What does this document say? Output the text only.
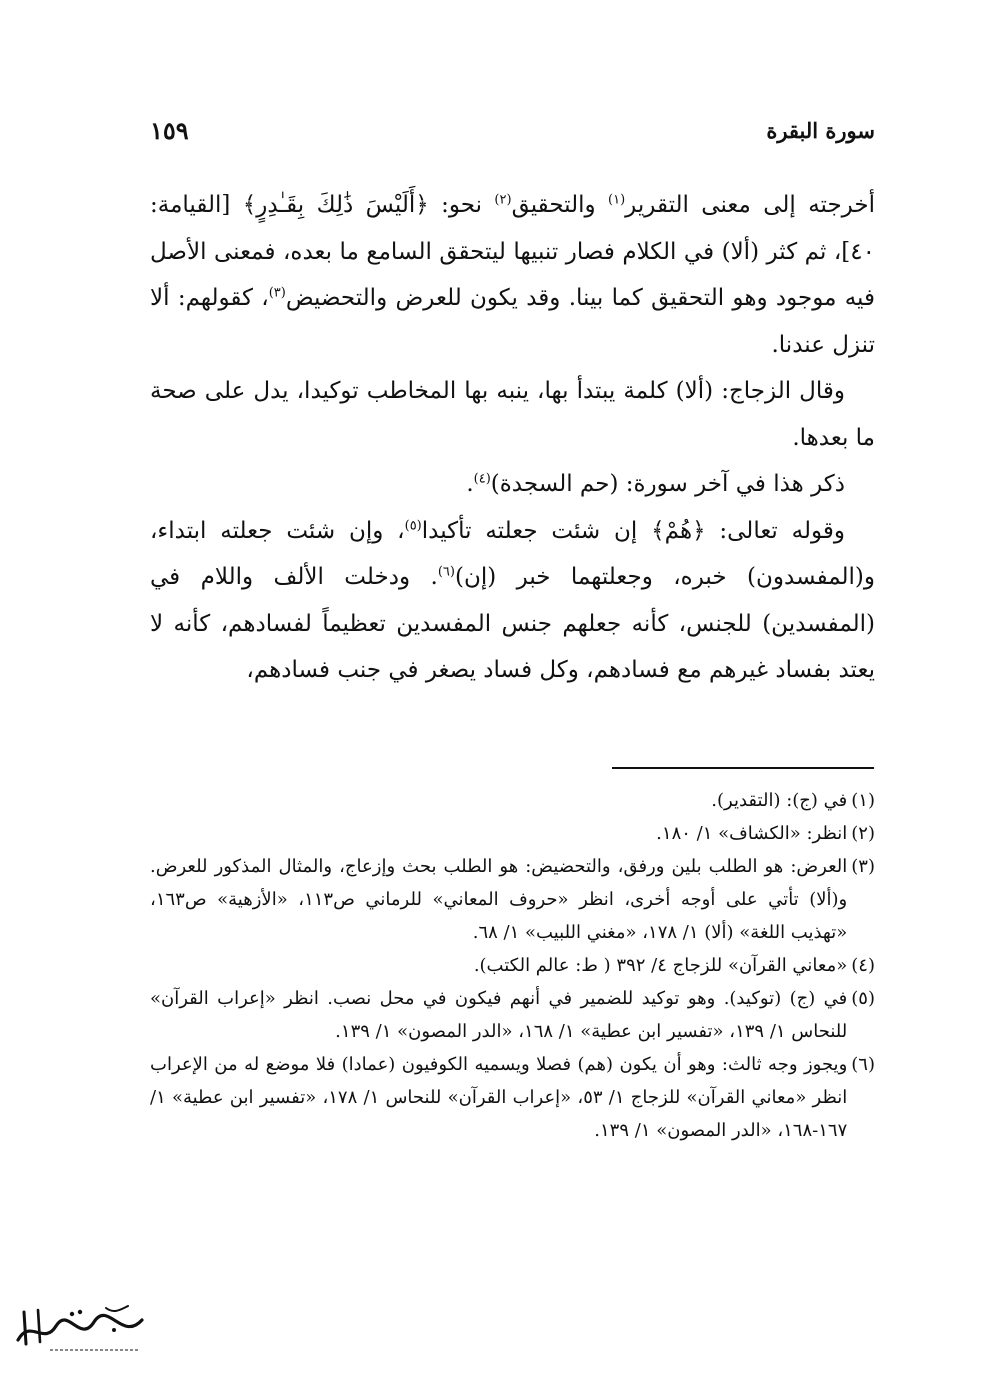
سورة البقرة
١٥٩

أخرجته إلى معنى التقرير$^{(١)}$ والتحقيق$^{(٢)}$ نحو: ﴿أَلَيْسَ ذَٰلِكَ بِقَـٰدِرٍ﴾ [القيامة: ٤٠]، ثم كثر (ألا) في الكلام فصار تنبيها ليتحقق السامع ما بعده، فمعنى الأصل فيه موجود وهو التحقيق كما بينا. وقد يكون للعرض والتحضيض$^{(٣)}$، كقولهم: ألا تنزل عندنا.

وقال الزجاج: (ألا) كلمة يبتدأ بها، ينبه بها المخاطب توكيدا، يدل على صحة ما بعدها.

ذكر هذا في آخر سورة: (حم السجدة)$^{(٤)}$.

وقوله تعالى: ﴿هُمْ﴾ إن شئت جعلته تأكيدا$^{(٥)}$، وإن شئت جعلته ابتداء، و(المفسدون) خبره، وجعلتهما خبر (إن)$^{(٦)}$. ودخلت الألف واللام في (المفسدين) للجنس، كأنه جعلهم جنس المفسدين تعظيماً لفسادهم، كأنه لا يعتد بفساد غيرهم مع فسادهم، وكل فساد يصغر في جنب فسادهم،

(١)
في (ج): (التقدير).
(٢)
انظر: «الكشاف» ١/ ١٨٠.
(٣)
العرض: هو الطلب بلين ورفق، والتحضيض: هو الطلب بحث وإزعاج، والمثال المذكور للعرض. و(ألا) تأتي على أوجه أخرى، انظر «حروف المعاني» للرماني ص١١٣، «الأزهية» ص١٦٣، «تهذيب اللغة» (ألا) ١/ ١٧٨، «مغني اللبيب» ١/ ٦٨.
(٤)
«معاني القرآن» للزجاج ٤/ ٣٩٢ ( ط: عالم الكتب).
(٥)
في (ج) (توكيد). وهو توكيد للضمير في أنهم فيكون في محل نصب. انظر «إعراب القرآن» للنحاس ١/ ١٣٩، «تفسير ابن عطية» ١/ ١٦٨، «الدر المصون» ١/ ١٣٩.
(٦)
ويجوز وجه ثالث: وهو أن يكون (هم) فصلا ويسميه الكوفيون (عمادا) فلا موضع له من الإعراب انظر «معاني القرآن» للزجاج ١/ ٥٣، «إعراب القرآن» للنحاس ١/ ١٧٨، «تفسير ابن عطية» ١/ ١٦٧-١٦٨، «الدر المصون» ١/ ١٣٩.
